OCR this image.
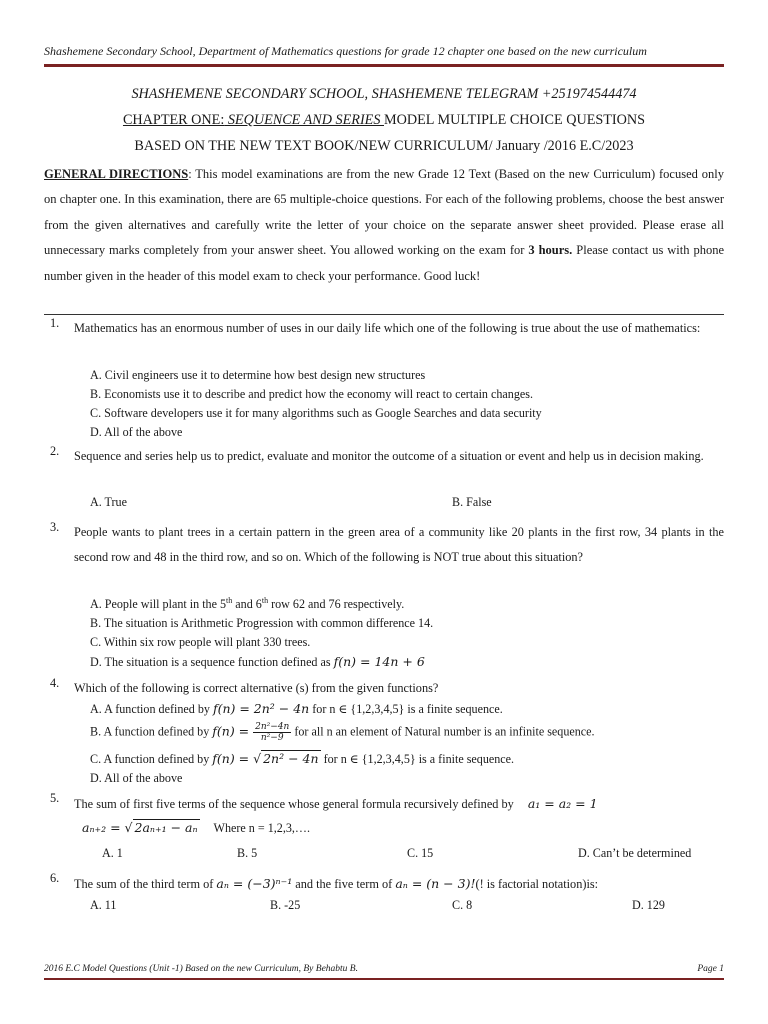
Shashemene Secondary School, Department of Mathematics questions for grade 12 chapter one based on the new curriculum
SHASHEMENE SECONDARY SCHOOL, SHASHEMENE TELEGRAM +251974544474
CHAPTER ONE: SEQUENCE AND SERIES MODEL MULTIPLE CHOICE QUESTIONS
BASED ON THE NEW TEXT BOOK/NEW CURRICULUM/ January /2016 E.C/2023
GENERAL DIRECTIONS: This model examinations are from the new Grade 12 Text (Based on the new Curriculum) focused only on chapter one. In this examination, there are 65 multiple-choice questions. For each of the following problems, choose the best answer from the given alternatives and carefully write the letter of your choice on the separate answer sheet provided. Please erase all unnecessary marks completely from your answer sheet. You allowed working on the exam for 3 hours. Please contact us with phone number given in the header of this model exam to check your performance. Good luck!
1. Mathematics has an enormous number of uses in our daily life which one of the following is true about the use of mathematics:
A. Civil engineers use it to determine how best design new structures
B. Economists use it to describe and predict how the economy will react to certain changes.
C. Software developers use it for many algorithms such as Google Searches and data security
D. All of the above
2. Sequence and series help us to predict, evaluate and monitor the outcome of a situation or event and help us in decision making.
A. True	B. False
3. People wants to plant trees in a certain pattern in the green area of a community like 20 plants in the first row, 34 plants in the second row and 48 in the third row, and so on. Which of the following is NOT true about this situation?
A. People will plant in the 5th and 6th row 62 and 76 respectively.
B. The situation is Arithmetic Progression with common difference 14.
C. Within six row people will plant 330 trees.
D. The situation is a sequence function defined as f(n) = 14n + 6
4. Which of the following is correct alternative (s) from the given functions?
A. A function defined by f(n) = 2n² − 4n for n ∈ {1,2,3,4,5} is a finite sequence.
B. A function defined by $f(n) = \frac{\text{2n²−4n}}{\text{n²−9}}$ for all n an element of Natural number is an infinite sequence.
C. A function defined by f(n) = √ 2n² − 4n for n ∈ {1,2,3,4,5} is a finite sequence.
D. All of the above
5. The sum of first five terms of the sequence whose general formula recursively defined by a₁ = a₂ = 1
aₙ₊₂ = √ 2aₙ₊₁ − aₙ Where n = 1,2,3,….
A. 1	B. 5	C. 15	D. Can’t be determined
6. The sum of the third term of aₙ = (−3)ⁿ⁻¹ and the five term of aₙ = (n − 3)!(! is factorial notation)is:
A. 11	B. -25	C. 8	D. 129
2016 E.C Model Questions (Unit -1) Based on the new Curriculum, By Behabtu B.	Page 1
